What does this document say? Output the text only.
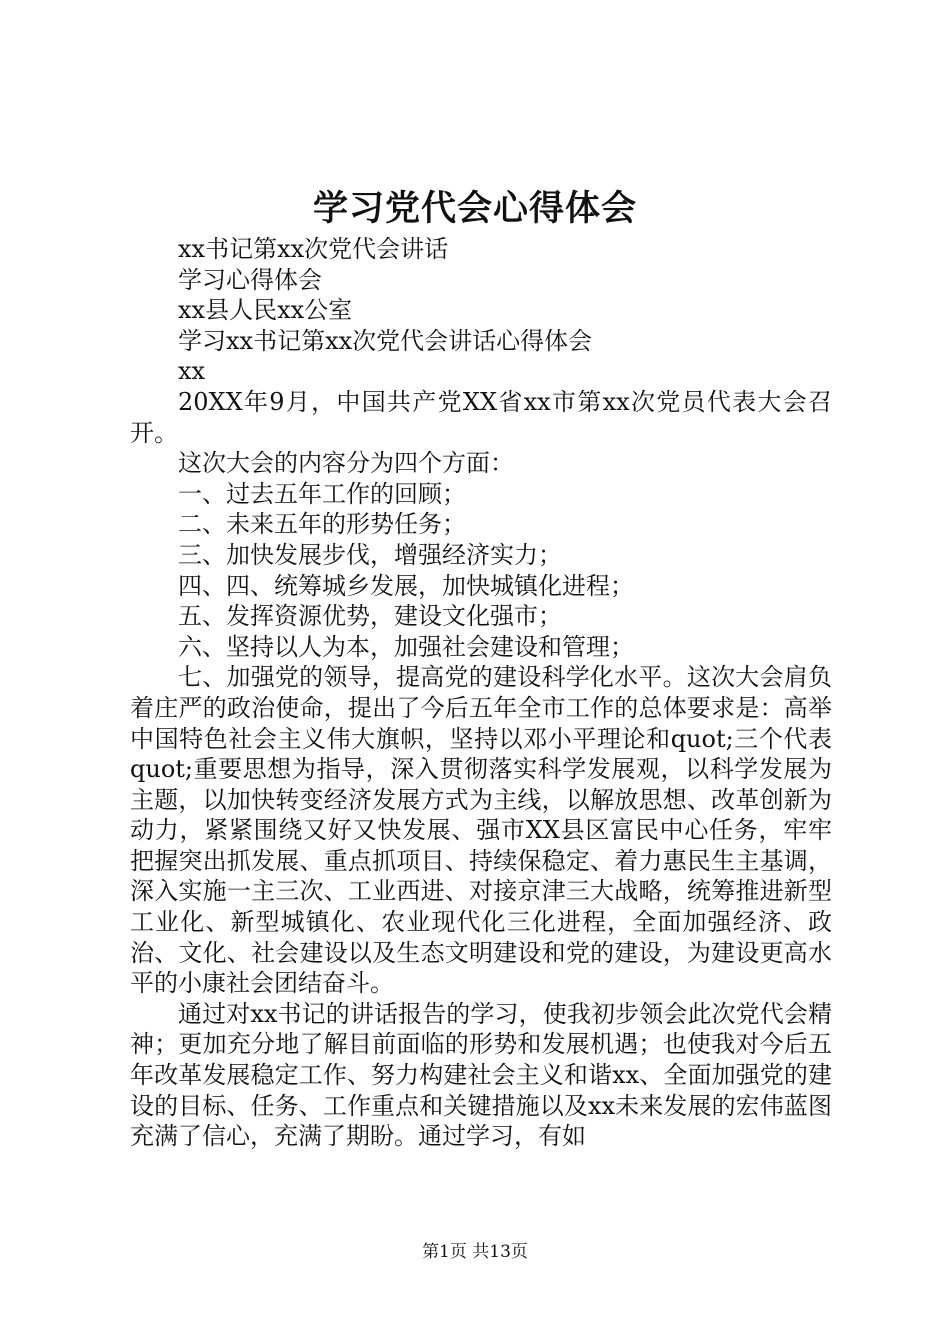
学习党代会心得体会

xx书记第xx次党代会讲话

学习心得体会

xx县人民xx公室

学习xx书记第xx次党代会讲话心得体会

xx

20XX年9月，中国共产党XX省xx市第xx次党员代表大会召开。

这次大会的内容分为四个方面：

一、过去五年工作的回顾；

二、未来五年的形势任务；

三、加快发展步伐，增强经济实力；

四、四、统筹城乡发展，加快城镇化进程；

五、发挥资源优势，建设文化强市；

六、坚持以人为本，加强社会建设和管理；

七、加强党的领导，提高党的建设科学化水平。这次大会肩负着庄严的政治使命，提出了今后五年全市工作的总体要求是：高举中国特色社会主义伟大旗帜，坚持以邓小平理论和quot;三个代表quot;重要思想为指导，深入贯彻落实科学发展观，以科学发展为主题，以加快转变经济发展方式为主线，以解放思想、改革创新为动力，紧紧围绕又好又快发展、强市XX县区富民中心任务，牢牢把握突出抓发展、重点抓项目、持续保稳定、着力惠民生主基调，深入实施一主三次、工业西进、对接京津三大战略，统筹推进新型工业化、新型城镇化、农业现代化三化进程，全面加强经济、政治、文化、社会建设以及生态文明建设和党的建设，为建设更高水平的小康社会团结奋斗。

通过对xx书记的讲话报告的学习，使我初步领会此次党代会精神；更加充分地了解目前面临的形势和发展机遇；也使我对今后五年改革发展稳定工作、努力构建社会主义和谐xx、全面加强党的建设的目标、任务、工作重点和关键措施以及xx未来发展的宏伟蓝图充满了信心，充满了期盼。通过学习，有如

第1页 共13页
